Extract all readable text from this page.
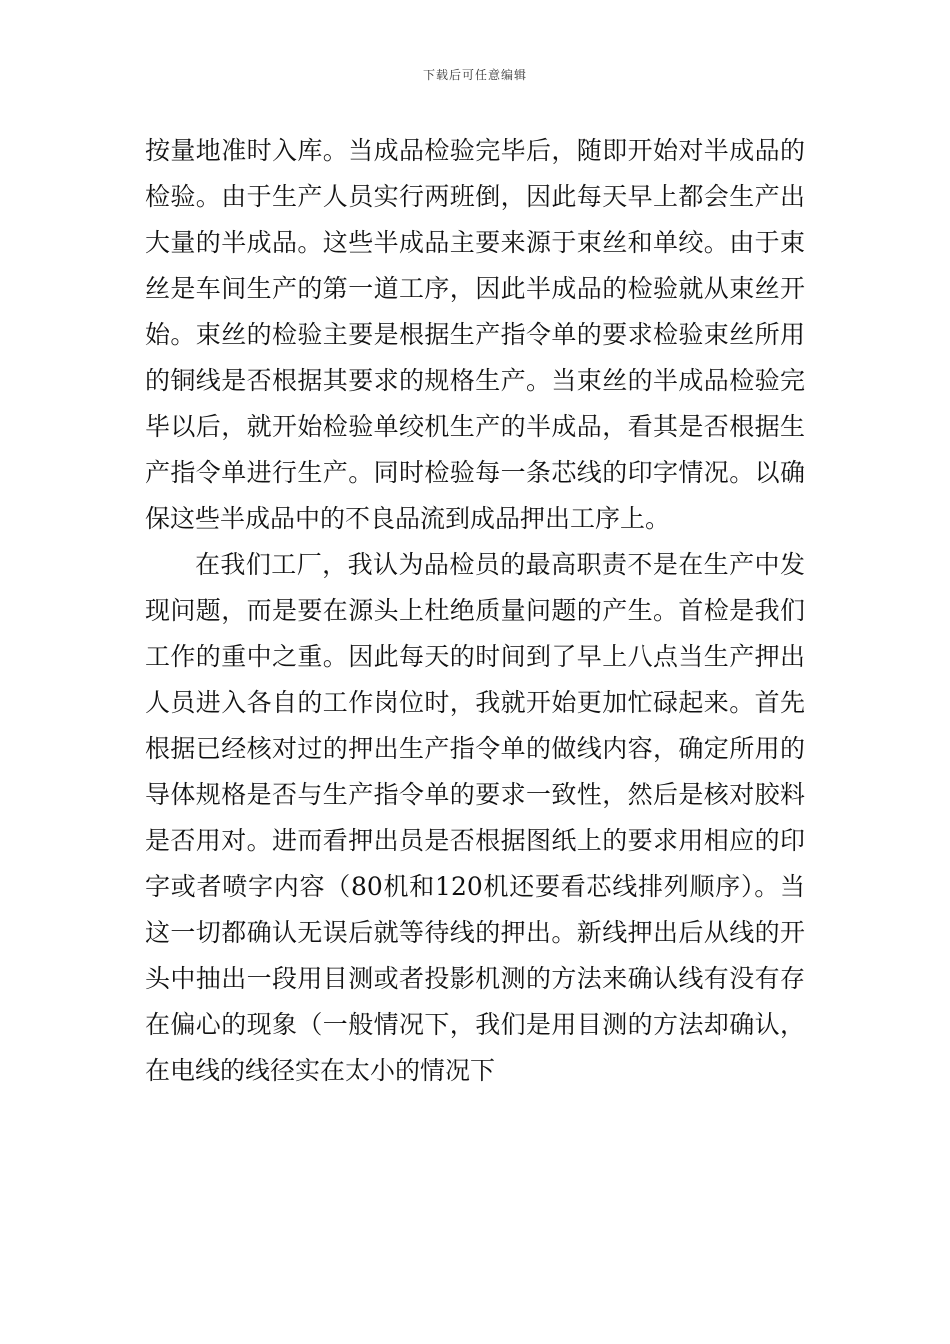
下载后可任意编辑

按量地准时入库。当成品检验完毕后，随即开始对半成品的检验。由于生产人员实行两班倒，因此每天早上都会生产出大量的半成品。这些半成品主要来源于束丝和单绞。由于束丝是车间生产的第一道工序，因此半成品的检验就从束丝开始。束丝的检验主要是根据生产指令单的要求检验束丝所用的铜线是否根据其要求的规格生产。当束丝的半成品检验完毕以后，就开始检验单绞机生产的半成品，看其是否根据生产指令单进行生产。同时检验每一条芯线的印字情况。以确保这些半成品中的不良品流到成品押出工序上。

在我们工厂，我认为品检员的最高职责不是在生产中发现问题，而是要在源头上杜绝质量问题的产生。首检是我们工作的重中之重。因此每天的时间到了早上八点当生产押出人员进入各自的工作岗位时，我就开始更加忙碌起来。首先根据已经核对过的押出生产指令单的做线内容，确定所用的导体规格是否与生产指令单的要求一致性，然后是核对胶料是否用对。进而看押出员是否根据图纸上的要求用相应的印字或者喷字内容（80机和120机还要看芯线排列顺序）。当这一切都确认无误后就等待线的押出。新线押出后从线的开头中抽出一段用目测或者投影机测的方法来确认线有没有存在偏心的现象（一般情况下，我们是用目测的方法却确认，在电线的线径实在太小的情况下
